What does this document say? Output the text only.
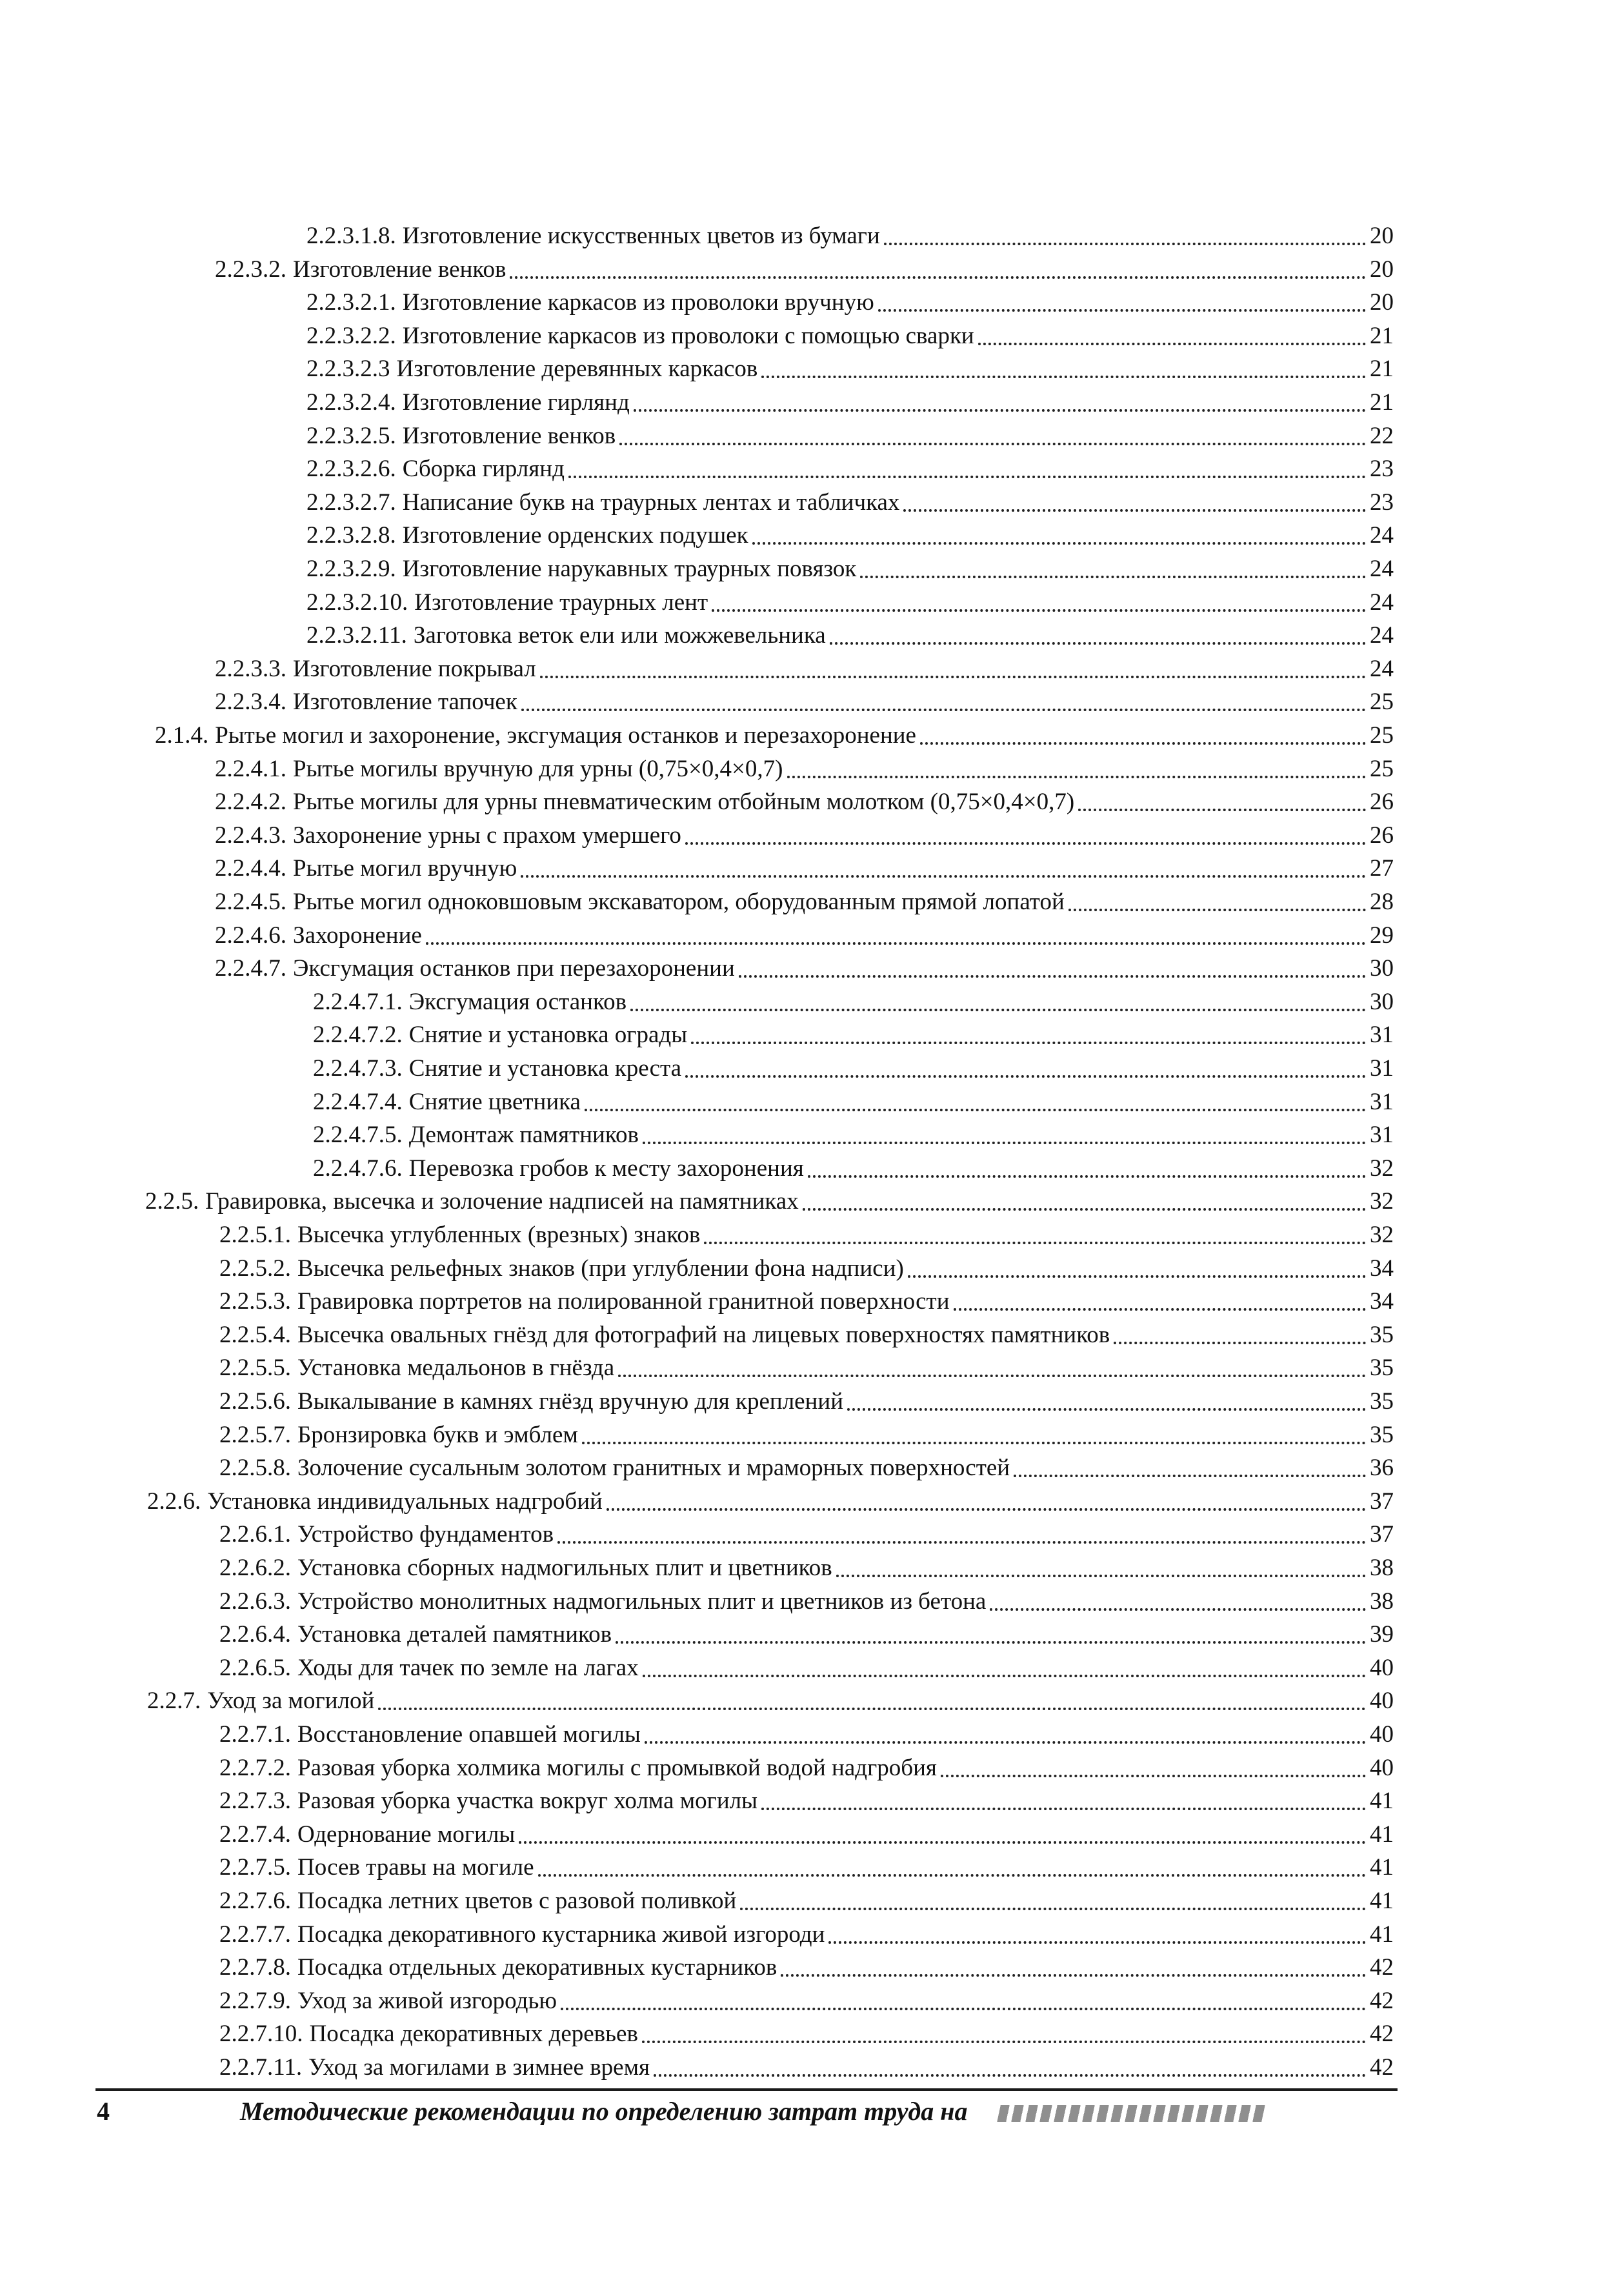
2.2.3.1.8. Изготовление искусственных цветов из бумаги	20
2.2.3.2. Изготовление венков	20
2.2.3.2.1. Изготовление каркасов из проволоки вручную	20
2.2.3.2.2. Изготовление каркасов из проволоки с помощью сварки	21
2.2.3.2.3 Изготовление деревянных каркасов	21
2.2.3.2.4. Изготовление гирлянд	21
2.2.3.2.5. Изготовление венков	22
2.2.3.2.6. Сборка гирлянд	23
2.2.3.2.7. Написание букв на траурных лентах и табличках	23
2.2.3.2.8. Изготовление орденских подушек	24
2.2.3.2.9. Изготовление нарукавных траурных повязок	24
2.2.3.2.10. Изготовление траурных лент	24
2.2.3.2.11. Заготовка веток ели или можжевельника	24
2.2.3.3. Изготовление покрывал	24
2.2.3.4. Изготовление тапочек	25
2.1.4. Рытье могил и захоронение, эксгумация останков и перезахоронение	25
2.2.4.1. Рытье могилы вручную для урны (0,75×0,4×0,7)	25
2.2.4.2. Рытье могилы для урны пневматическим отбойным молотком (0,75×0,4×0,7)	26
2.2.4.3. Захоронение урны с прахом умершего	26
2.2.4.4. Рытье могил вручную	27
2.2.4.5. Рытье могил одноковшовым экскаватором, оборудованным прямой лопатой	28
2.2.4.6. Захоронение	29
2.2.4.7. Эксгумация останков при перезахоронении	30
2.2.4.7.1. Эксгумация останков	30
2.2.4.7.2. Снятие и установка ограды	31
2.2.4.7.3. Снятие и установка креста	31
2.2.4.7.4. Снятие цветника	31
2.2.4.7.5. Демонтаж памятников	31
2.2.4.7.6. Перевозка гробов к месту захоронения	32
2.2.5. Гравировка, высечка и золочение надписей на памятниках	32
2.2.5.1. Высечка углубленных (врезных) знаков	32
2.2.5.2. Высечка рельефных знаков (при углублении фона надписи)	34
2.2.5.3. Гравировка портретов на полированной гранитной поверхности	34
2.2.5.4. Высечка овальных гнёзд для фотографий на лицевых поверхностях памятников	35
2.2.5.5. Установка медальонов в гнёзда	35
2.2.5.6. Выкалывание в камнях гнёзд вручную для креплений	35
2.2.5.7. Бронзировка букв и эмблем	35
2.2.5.8. Золочение сусальным золотом гранитных и мраморных поверхностей	36
2.2.6. Установка индивидуальных надгробий	37
2.2.6.1. Устройство фундаментов	37
2.2.6.2. Установка сборных надмогильных плит и цветников	38
2.2.6.3. Устройство монолитных надмогильных плит и цветников из бетона	38
2.2.6.4. Установка деталей памятников	39
2.2.6.5. Ходы для тачек по земле на лагах	40
2.2.7. Уход за могилой	40
2.2.7.1. Восстановление опавшей могилы	40
2.2.7.2. Разовая уборка холмика могилы с промывкой водой надгробия	40
2.2.7.3. Разовая уборка участка вокруг холма могилы	41
2.2.7.4. Одернование могилы	41
2.2.7.5. Посев травы на могиле	41
2.2.7.6. Посадка летних цветов с разовой поливкой	41
2.2.7.7. Посадка декоративного кустарника живой изгороди	41
2.2.7.8. Посадка отдельных декоративных кустарников	42
2.2.7.9. Уход за живой изгородью	42
2.2.7.10. Посадка декоративных деревьев	42
2.2.7.11. Уход за могилами в зимнее время	42
4	Методические рекомендации по определению затрат труда на
